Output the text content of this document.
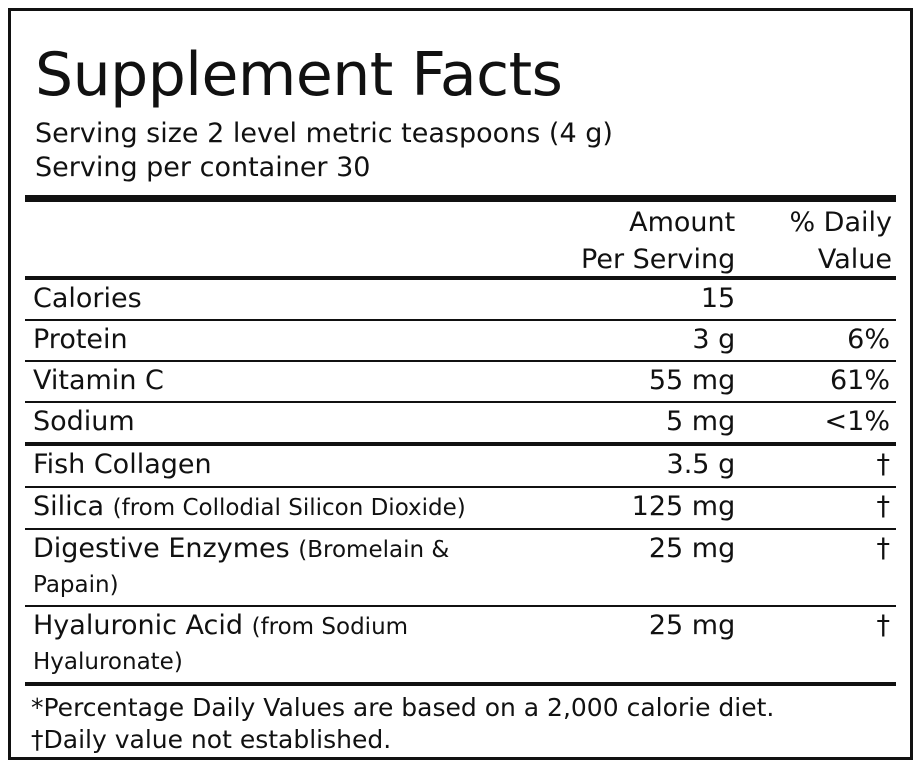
Supplement Facts
Serving size 2 level metric teaspoons (4 g)
Serving per container 30
	Amount	% Daily
	Per Serving	Value
Calories	15	
Protein	3 g	6%
Vitamin C	55 mg	61%
Sodium	5 mg	<1%
Fish Collagen	3.5 g	†
Silica (from Collodial Silicon Dioxide)	125 mg	†
Digestive Enzymes (Bromelain & Papain)	25 mg	†
Hyaluronic Acid (from Sodium Hyaluronate)	25 mg	†
*Percentage Daily Values are based on a 2,000 calorie diet.
†Daily value not established.
